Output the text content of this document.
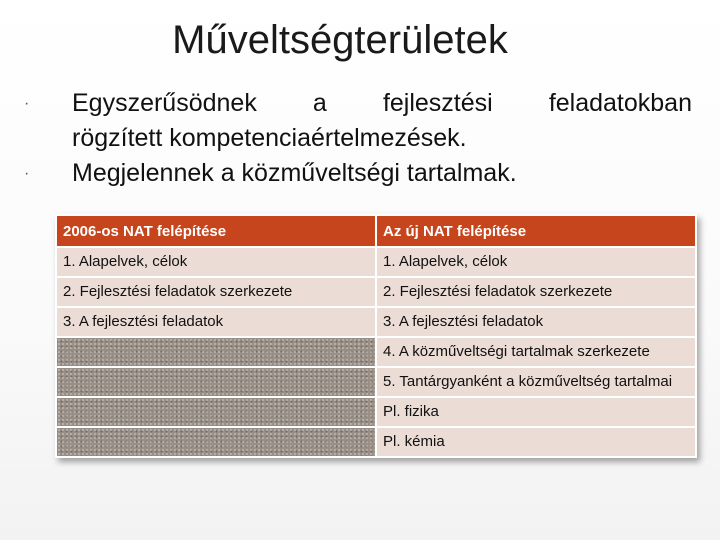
Műveltségterületek
·	Egyszerűsödnek a fejlesztési feladatokban
rögzített kompetenciaértelmezések.
·	Megjelennek a közműveltségi tartalmak.
2006-os NAT felépítése	Az új NAT felépítése
1. Alapelvek, célok	1. Alapelvek, célok
2. Fejlesztési feladatok szerkezete	2. Fejlesztési feladatok szerkezete
3. A fejlesztési feladatok	3. A fejlesztési feladatok
	4. A közműveltségi tartalmak szerkezete
	5. Tantárgyanként a közműveltség tartalmai
	Pl. fizika
	Pl. kémia
